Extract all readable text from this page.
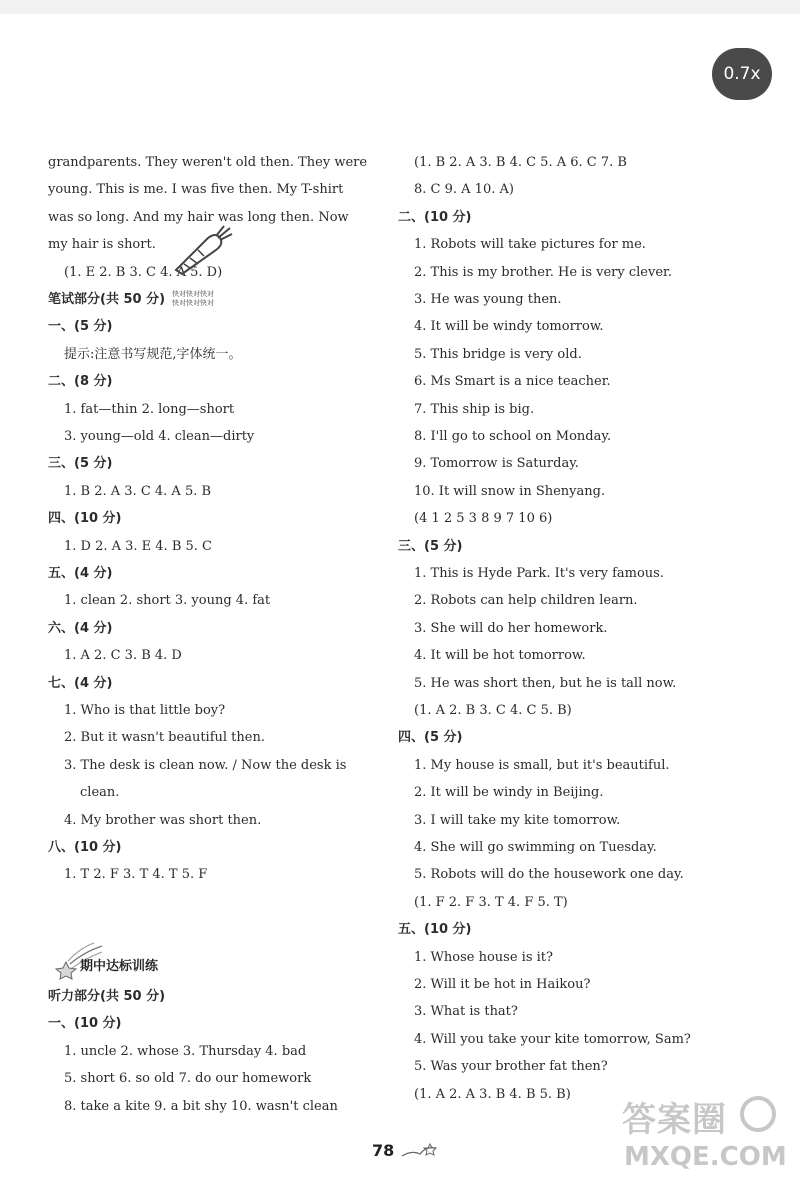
0.7x
grandparents. They weren't old then. They were
young. This is me. I was five then. My T-shirt
was so long. And my hair was long then. Now
my hair is short.
(1. E 2. B 3. C 4. A 5. D)
笔试部分(共 50 分)
一、(5 分)
提示:注意书写规范,字体统一。
二、(8 分)
1. fat—thin 2. long—short
3. young—old 4. clean—dirty
三、(5 分)
1. B 2. A 3. C 4. A 5. B
四、(10 分)
1. D 2. A 3. E 4. B 5. C
五、(4 分)
1. clean 2. short 3. young 4. fat
六、(4 分)
1. A 2. C 3. B 4. D
七、(4 分)
1. Who is that little boy?
2. But it wasn't beautiful then.
3. The desk is clean now. / Now the desk is
clean.
4. My brother was short then.
八、(10 分)
1. T 2. F 3. T 4. T 5. F
期中达标训练
听力部分(共 50 分)
一、(10 分)
1. uncle 2. whose 3. Thursday 4. bad
5. short 6. so old 7. do our homework
8. take a kite 9. a bit shy 10. wasn't clean
(1. B 2. A 3. B 4. C 5. A 6. C 7. B
8. C 9. A 10. A)
二、(10 分)
1. Robots will take pictures for me.
2. This is my brother. He is very clever.
3. He was young then.
4. It will be windy tomorrow.
5. This bridge is very old.
6. Ms Smart is a nice teacher.
7. This ship is big.
8. I'll go to school on Monday.
9. Tomorrow is Saturday.
10. It will snow in Shenyang.
(4 1 2 5 3 8 9 7 10 6)
三、(5 分)
1. This is Hyde Park. It's very famous.
2. Robots can help children learn.
3. She will do her homework.
4. It will be hot tomorrow.
5. He was short then, but he is tall now.
(1. A 2. B 3. C 4. C 5. B)
四、(5 分)
1. My house is small, but it's beautiful.
2. It will be windy in Beijing.
3. I will take my kite tomorrow.
4. She will go swimming on Tuesday.
5. Robots will do the housework one day.
(1. F 2. F 3. T 4. F 5. T)
五、(10 分)
1. Whose house is it?
2. Will it be hot in Haikou?
3. What is that?
4. Will you take your kite tomorrow, Sam?
5. Was your brother fat then?
(1. A 2. A 3. B 4. B 5. B)
快对快对快对
快对快对快对
78
答案圈
MXQE.COM
